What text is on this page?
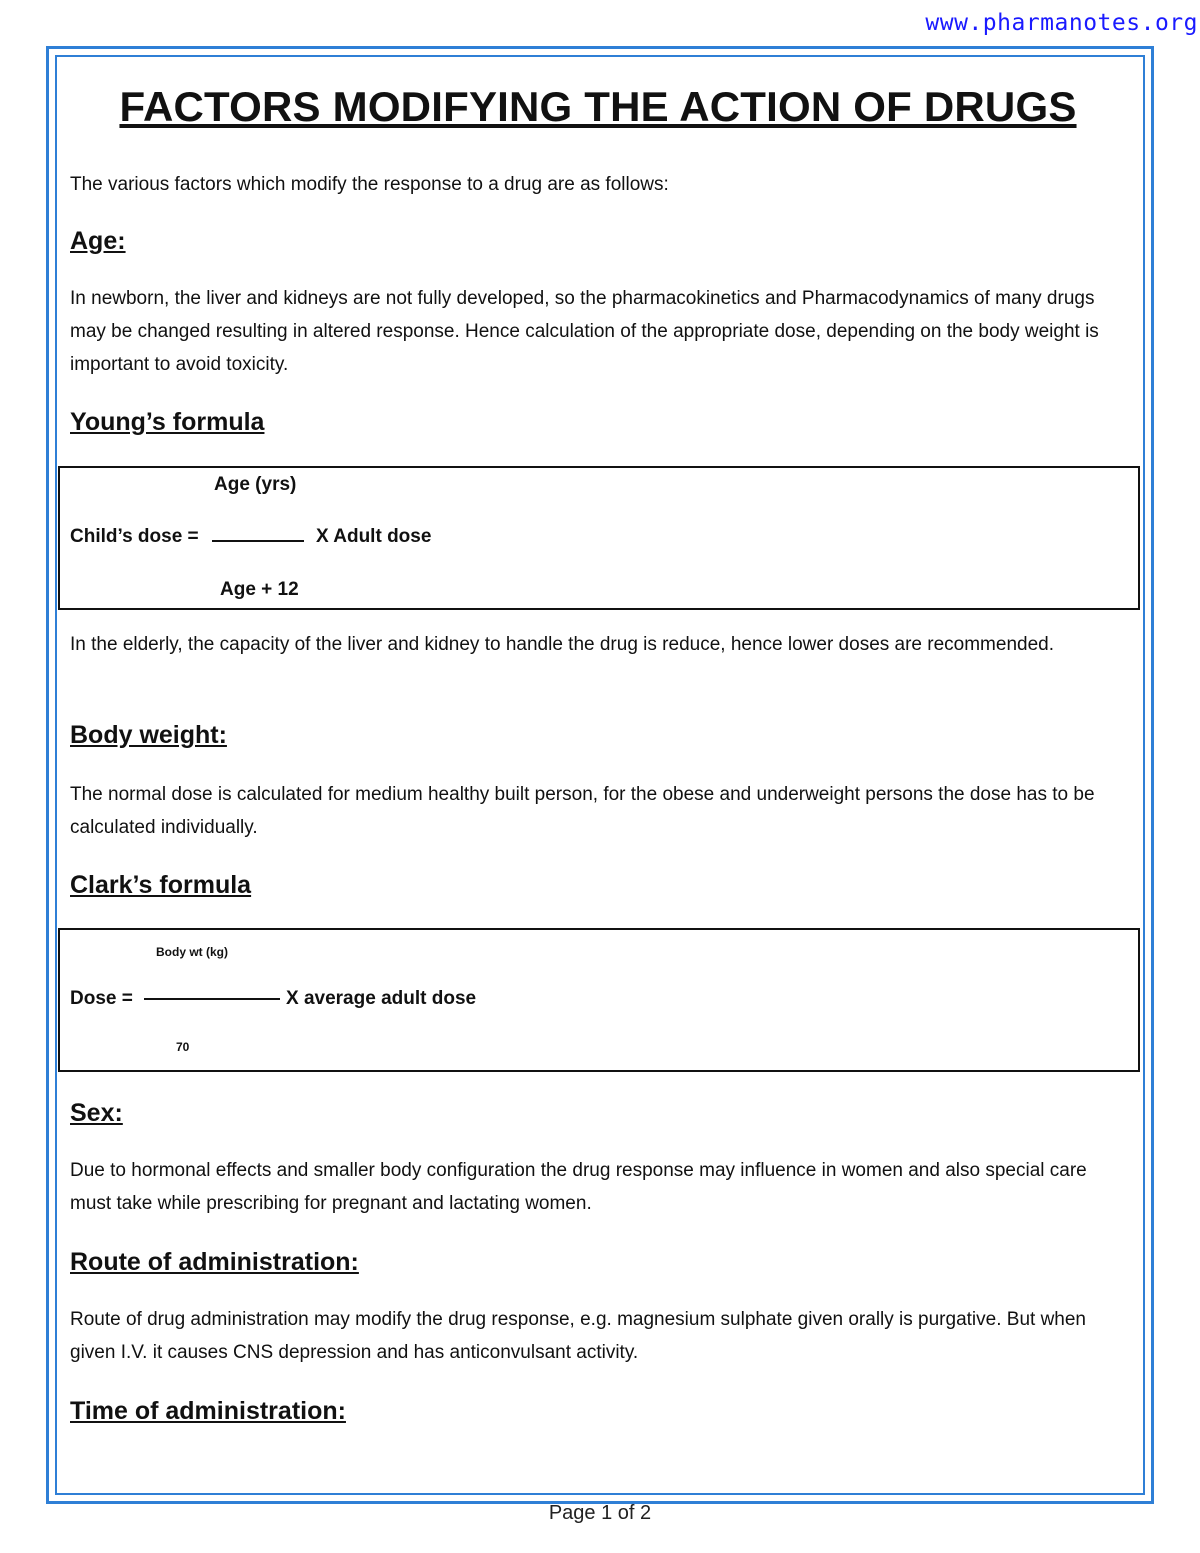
www.pharmanotes.org
FACTORS MODIFYING THE ACTION OF DRUGS

The various factors which modify the response to a drug are as follows:

Age:

In newborn, the liver and kidneys are not fully developed, so the pharmacokinetics and Pharmacodynamics of many drugs may be changed resulting in altered response. Hence calculation of the appropriate dose, depending on the body weight is important to avoid toxicity.

Young’s formula
Age (yrs)
Child’s dose =	X Adult dose
Age + 12

In the elderly, the capacity of the liver and kidney to handle the drug is reduce, hence lower doses are recommended.

Body weight:

The normal dose is calculated for medium healthy built person, for the obese and underweight persons the dose has to be calculated individually.

Clark’s formula
Body wt (kg)
Dose =	X average adult dose
70
Sex:

Due to hormonal effects and smaller body configuration the drug response may influence in women and also special care must take while prescribing for pregnant and lactating women.

Route of administration:

Route of drug administration may modify the drug response, e.g. magnesium sulphate given orally is purgative. But when given I.V. it causes CNS depression and has anticonvulsant activity.

Time of administration:
Page 1 of 2
